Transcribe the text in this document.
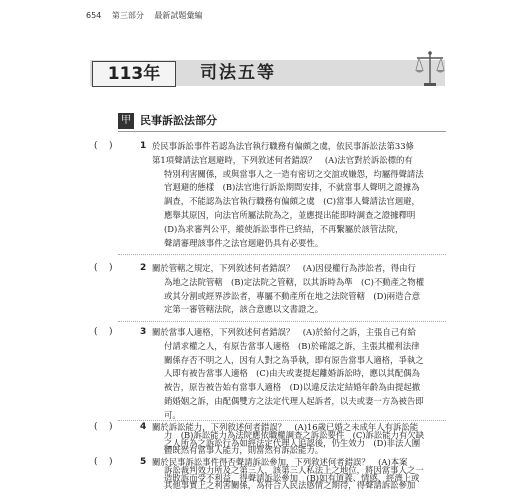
654 第三部分 最新試題彙編
113年	司法五等
甲 民事訴訟法部分
(    )	1 於民事訴訟事件若認為法官執行職務有偏頗之虞，依民事訴訟法第33條
第1項聲請法官迴避時，下列敘述何者錯誤？　(A)法官對於訴訟標的有
特別利害關係，或與當事人之一造有密切之交誼或嫌怨，均屬得聲請法
官迴避的態樣　(B)法官進行訴訟期間安排，不就當事人聲明之證據為
調查，不能認為法官執行職務有偏頗之虞　(C)當事人聲請法官迴避，
應舉其原因，向法官所屬法院為之，並應提出能即時調查之證據釋明
(D)為求審判公平，縱使訴訟事件已終結，不再繫屬於該管法院，
聲請審理該事件之法官迴避仍具有必要性。

(    )	2 關於管轄之規定，下列敘述何者錯誤？　(A)因侵權行為涉訟者，得由行
為地之法院管轄　(B)定法院之管轄，以其訴時為準　(C)不動產之物權
或其分割或經界涉訟者，專屬不動產所在地之法院管轄　(D)兩造合意
定第一審管轄法院，該合意應以文書證之。

(    )	3 關於當事人適格，下列敘述何者錯誤？　(A)於給付之訴，主張自己有給
付請求權之人，有原告當事人適格　(B)於確認之訴，主張其權利法律
關係存否不明之人，因有人對之為爭執，即有原告當事人適格，爭執之
人即有被告當事人適格　(C)由夫或妻提起離婚訴訟時，應以其配偶為
被告，原告被告始有當事人適格　(D)以違反法定結婚年齡為由提起撤
銷婚姻之訴，由配偶雙方之法定代理人起訴者，以夫或妻一方為被告即
可。

(    )	4 關於訴訟能力，下列敘述何者錯誤？　(A)16歲已婚之未成年人有訴訟能
力　(B)訴訟能力為法院應依職權調查之訴訟要件　(C)訴訟能力有欠缺
之人所為之訴訟行為如經法定代理人追認後，仍生效力　(D)非法人團
體既然有當事人能力，則當然有訴訟能力。

(    )	5 關於民事訴訟事件得否聲請訴訟參加，下列敘述何者錯誤？　(A)本案
訴訟裁判效力所及之第三人，該第三人私法上之地位，將因當事人之一
造敗訴而受不利益，得聲請訴訟參加　(B)如有道義、情感、經濟上或
其他事實上之利害關係，為符合人民法感情之期待，得聲請訴訟參加
